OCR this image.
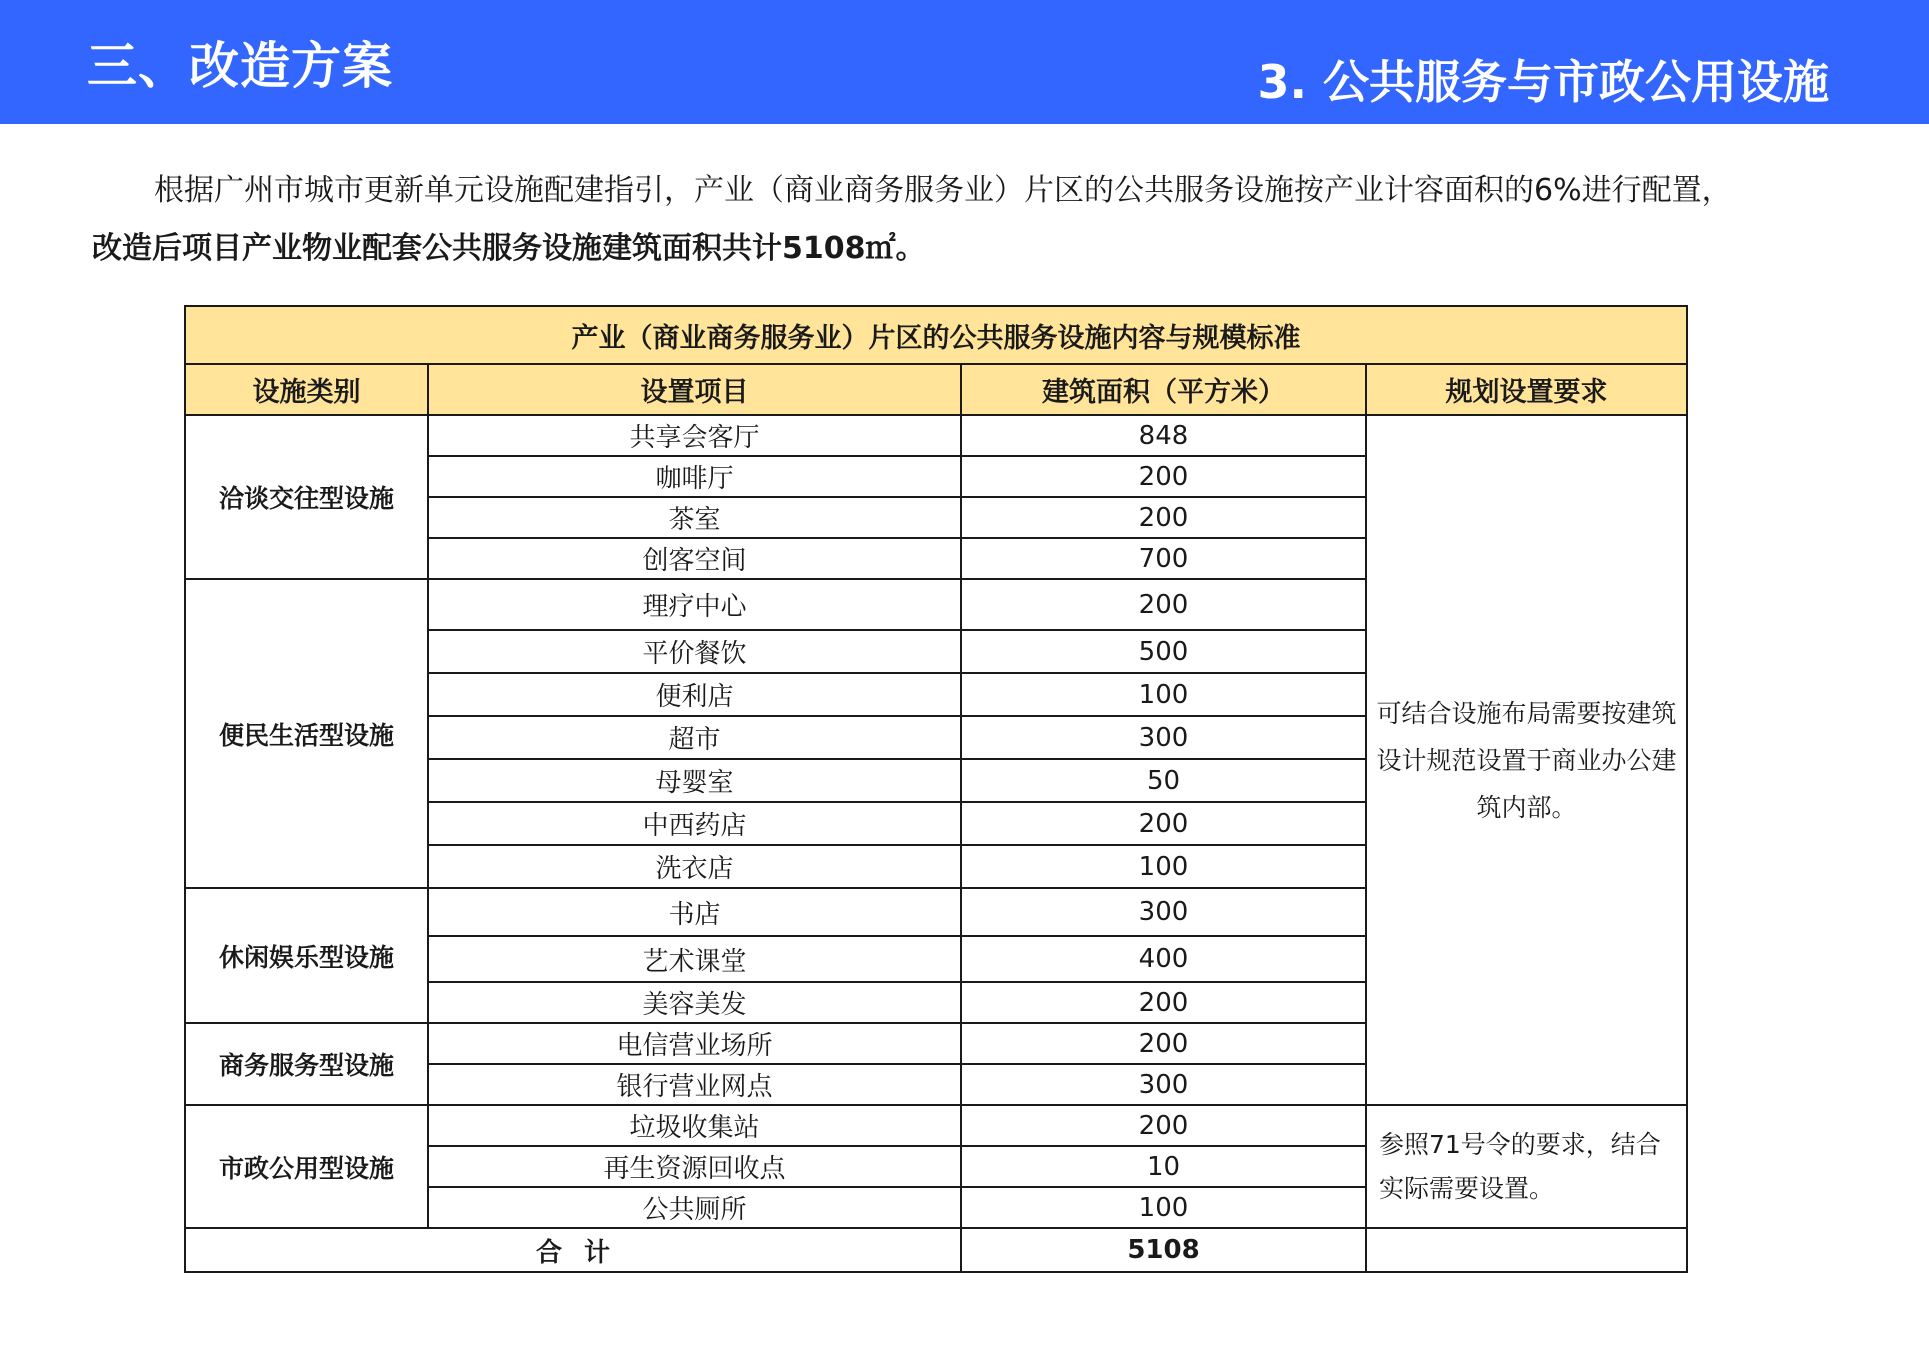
三、改造方案	3. 公共服务与市政公用设施

根据广州市城市更新单元设施配建指引，产业（商业商务服务业）片区的公共服务设施按产业计容面积的6%进行配置，

改造后项目产业物业配套公共服务设施建筑面积共计5108㎡。

产业（商业商务服务业）片区的公共服务设施内容与规模标准			
设施类别	设置项目	建筑面积（平方米）	规划设置要求
洽谈交往型设施	共享会客厅	848	可结合设施布局需要按建筑设计规范设置于商业办公建筑内部。
	咖啡厅	200	
	茶室	200	
	创客空间	700	
便民生活型设施	理疗中心	200	
	平价餐饮	500	
	便利店	100	
	超市	300	
	母婴室	50	
	中西药店	200	
	洗衣店	100	
休闲娱乐型设施	书店	300	
	艺术课堂	400	
	美容美发	200	
商务服务型设施	电信营业场所	200	
	银行营业网点	300	
市政公用型设施	垃圾收集站	200	参照71号令的要求，结合实际需要设置。
	再生资源回收点	10	
	公共厕所	100	
合计		5108	
